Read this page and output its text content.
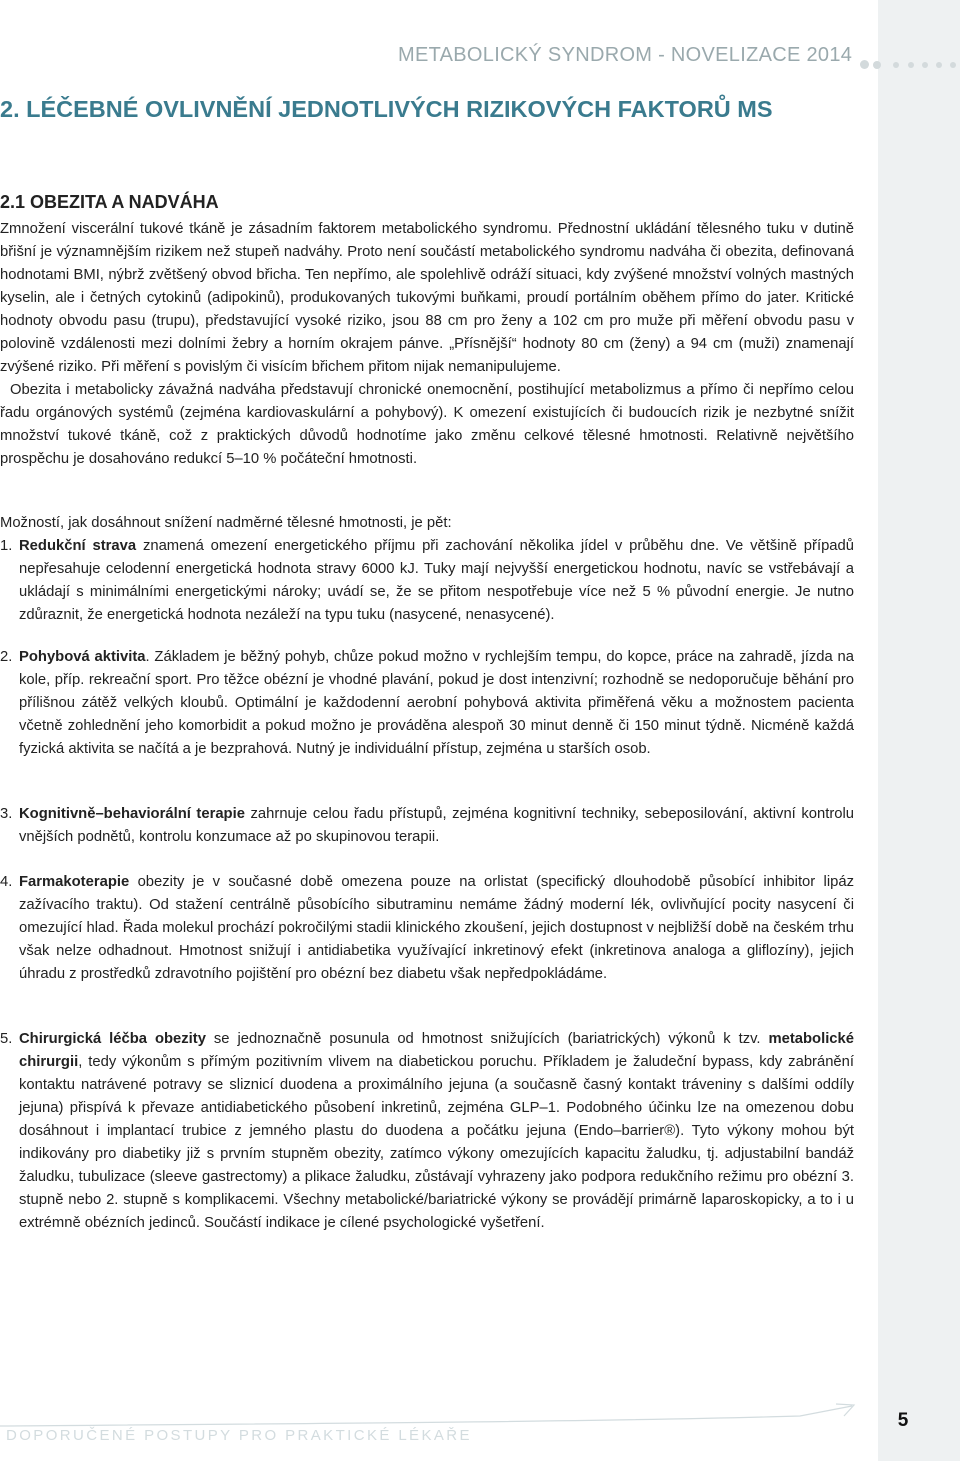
METABOLICKÝ SYNDROM - NOVELIZACE 2014
2. LÉČEBNÉ OVLIVNĚNÍ JEDNOTLIVÝCH RIZIKOVÝCH FAKTORŮ MS
2.1 OBEZITA A NADVÁHA

Zmnožení viscerální tukové tkáně je zásadním faktorem metabolického syndromu. Přednostní ukládání tělesného tuku v dutině břišní je významnějším rizikem než stupeň nadváhy. Proto není součástí metabolického syndromu nadváha či obezita, definovaná hodnotami BMI, nýbrž zvětšený obvod břicha. Ten nepřímo, ale spolehlivě odráží situaci, kdy zvýšené množství volných mastných kyselin, ale i četných cytokinů (adipokinů), produkovaných tukovými buňkami, proudí portálním oběhem přímo do jater. Kritické hodnoty obvodu pasu (trupu), představující vysoké riziko, jsou 88 cm pro ženy a 102 cm pro muže při měření obvodu pasu v polovině vzdálenosti mezi dolními žebry a horním okrajem pánve. „Přísnější“ hodnoty 80 cm (ženy) a 94 cm (muži) znamenají zvýšené riziko. Při měření s povislým či visícím břichem přitom nijak nemanipulujeme.

Obezita i metabolicky závažná nadváha představují chronické onemocnění, postihující metabolizmus a přímo či nepřímo celou řadu orgánových systémů (zejména kardiovaskulární a pohybový). K omezení existujících či budoucích rizik je nezbytné snížit množství tukové tkáně, což z praktických důvodů hodnotíme jako změnu celkové tělesné hmotnosti. Relativně největšího prospěchu je dosahováno redukcí 5–10 % počáteční hmotnosti.

Možností, jak dosáhnout snížení nadměrné tělesné hmotnosti, je pět:
1. Redukční strava znamená omezení energetického příjmu při zachování několika jídel v průběhu dne. Ve většině případů nepřesahuje celodenní energetická hodnota stravy 6000 kJ. Tuky mají nejvyšší energetickou hodnotu, navíc se vstřebávají a ukládají s minimálními energetickými nároky; uvádí se, že se přitom nespotřebuje více než 5 % původní energie. Je nutno zdůraznit, že energetická hodnota nezáleží na typu tuku (nasycené, nenasycené).
2. Pohybová aktivita. Základem je běžný pohyb, chůze pokud možno v rychlejším tempu, do kopce, práce na zahradě, jízda na kole, příp. rekreační sport. Pro těžce obézní je vhodné plavání, pokud je dost intenzivní; rozhodně se nedoporučuje běhání pro přílišnou zátěž velkých kloubů. Optimální je každodenní aerobní pohybová aktivita přiměřená věku a možnostem pacienta včetně zohlednění jeho komorbidit a pokud možno je prováděna alespoň 30 minut denně či 150 minut týdně. Nicméně každá fyzická aktivita se načítá a je bezprahová. Nutný je individuální přístup, zejména u starších osob.
3. Kognitivně–behaviorální terapie zahrnuje celou řadu přístupů, zejména kognitivní techniky, sebeposilování, aktivní kontrolu vnějších podnětů, kontrolu konzumace až po skupinovou terapii.
4. Farmakoterapie obezity je v současné době omezena pouze na orlistat (specifický dlouhodobě působící inhibitor lipáz zažívacího traktu). Od stažení centrálně působícího sibutraminu nemáme žádný moderní lék, ovlivňující pocity nasycení či omezující hlad. Řada molekul prochází pokročilými stadii klinického zkoušení, jejich dostupnost v nejbližší době na českém trhu však nelze odhadnout. Hmotnost snižují i antidiabetika využívající inkretinový efekt (inkretinova analoga a gliflozíny), jejich úhradu z prostředků zdravotního pojištění pro obézní bez diabetu však nepředpokládáme.
5. Chirurgická léčba obezity se jednoznačně posunula od hmotnost snižujících (bariatrických) výkonů k tzv. metabolické chirurgii, tedy výkonům s přímým pozitivním vlivem na diabetickou poruchu. Příkladem je žaludeční bypass, kdy zabránění kontaktu natrávené potravy se sliznicí duodena a proximálního jejuna (a současně časný kontakt tráveniny s dalšími oddíly jejuna) přispívá k převaze antidiabetického působení inkretinů, zejména GLP–1. Podobného účinku lze na omezenou dobu dosáhnout i implantací trubice z jemného plastu do duodena a počátku jejuna (Endo–barrier®). Tyto výkony mohou být indikovány pro diabetiky již s prvním stupněm obezity, zatímco výkony omezujících kapacitu žaludku, tj. adjustabilní bandáž žaludku, tubulizace (sleeve gastrectomy) a plikace žaludku, zůstávají vyhrazeny jako podpora redukčního režimu pro obézní 3. stupně nebo 2. stupně s komplikacemi. Všechny metabolické/bariatrické výkony se provádějí primárně laparoskopicky, a to i u extrémně obézních jedinců. Součástí indikace je cílené psychologické vyšetření.
DOPORUČENÉ POSTUPY PRO PRAKTICKÉ LÉKAŘE
5
